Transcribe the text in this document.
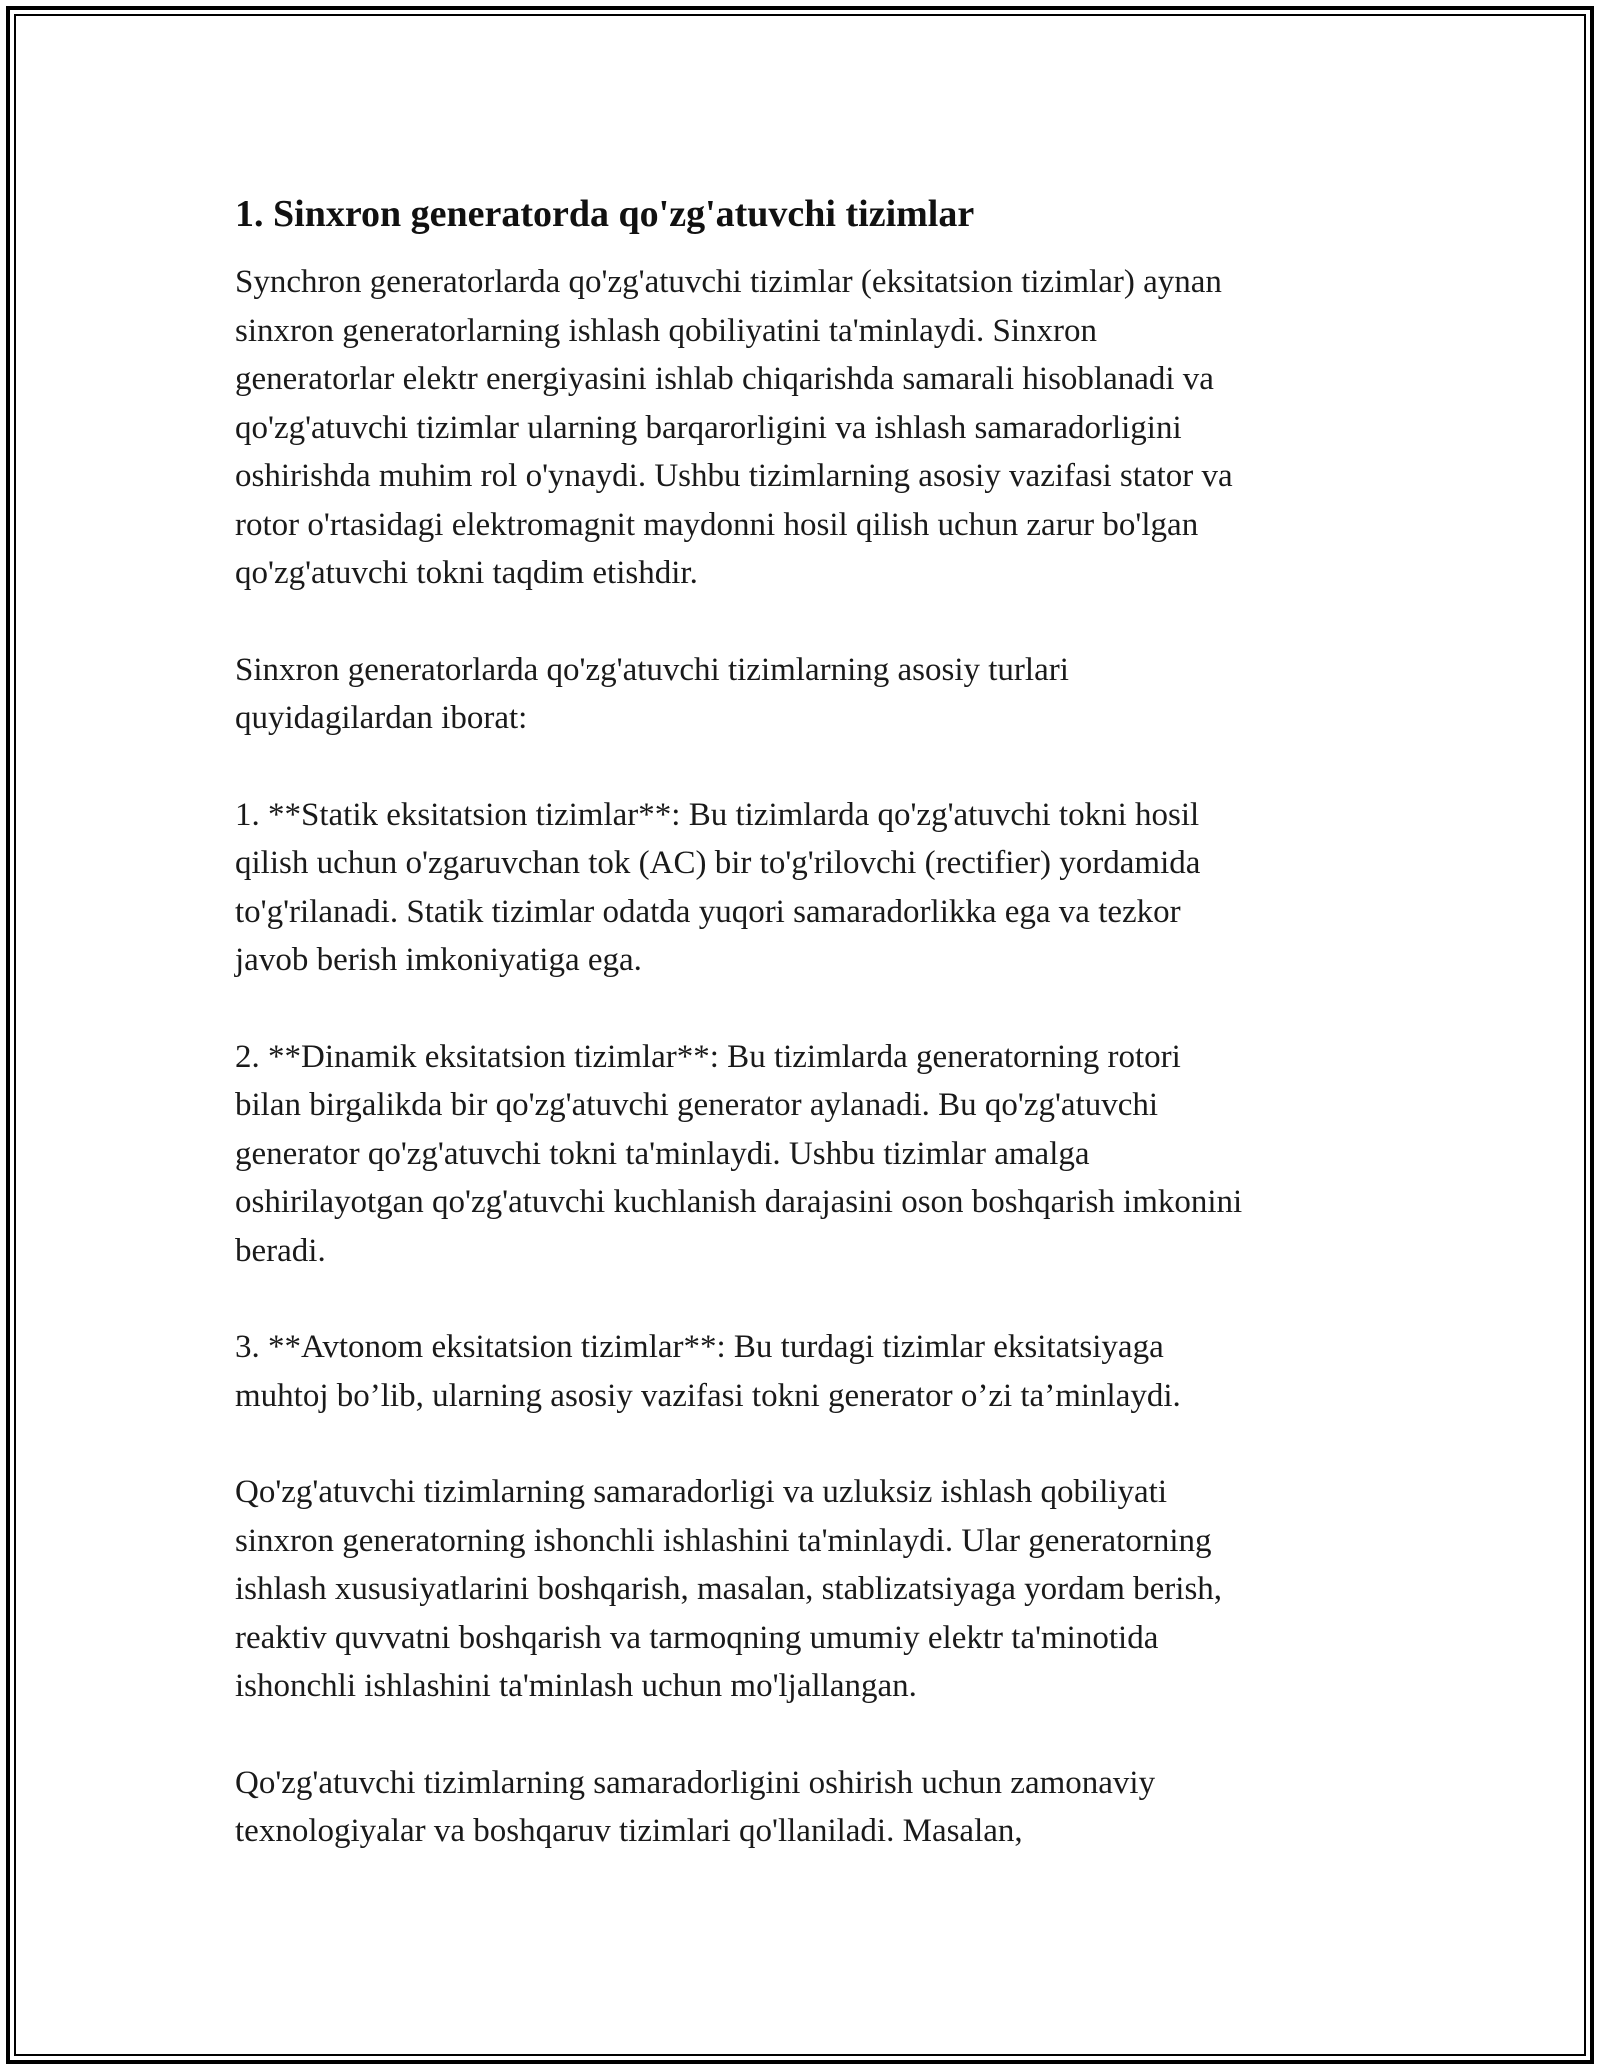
1. Sinxron generatorda qo'zg'atuvchi tizimlar

Synchron generatorlarda qo'zg'atuvchi tizimlar (eksitatsion tizimlar) aynan
sinxron generatorlarning ishlash qobiliyatini ta'minlaydi. Sinxron
generatorlar elektr energiyasini ishlab chiqarishda samarali hisoblanadi va
qo'zg'atuvchi tizimlar ularning barqarorligini va ishlash samaradorligini
oshirishda muhim rol o'ynaydi. Ushbu tizimlarning asosiy vazifasi stator va
rotor o'rtasidagi elektromagnit maydonni hosil qilish uchun zarur bo'lgan
qo'zg'atuvchi tokni taqdim etishdir.

Sinxron generatorlarda qo'zg'atuvchi tizimlarning asosiy turlari
quyidagilardan iborat:

1. **Statik eksitatsion tizimlar**: Bu tizimlarda qo'zg'atuvchi tokni hosil
qilish uchun o'zgaruvchan tok (AC) bir to'g'rilovchi (rectifier) yordamida
to'g'rilanadi. Statik tizimlar odatda yuqori samaradorlikka ega va tezkor
javob berish imkoniyatiga ega.

2. **Dinamik eksitatsion tizimlar**: Bu tizimlarda generatorning rotori
bilan birgalikda bir qo'zg'atuvchi generator aylanadi. Bu qo'zg'atuvchi
generator qo'zg'atuvchi tokni ta'minlaydi. Ushbu tizimlar amalga
oshirilayotgan qo'zg'atuvchi kuchlanish darajasini oson boshqarish imkonini
beradi.

3. **Avtonom eksitatsion tizimlar**: Bu turdagi tizimlar eksitatsiyaga
muhtoj bo’lib, ularning asosiy vazifasi tokni generator o’zi ta’minlaydi.

Qo'zg'atuvchi tizimlarning samaradorligi va uzluksiz ishlash qobiliyati
sinxron generatorning ishonchli ishlashini ta'minlaydi. Ular generatorning
ishlash xususiyatlarini boshqarish, masalan, stablizatsiyaga yordam berish,
reaktiv quvvatni boshqarish va tarmoqning umumiy elektr ta'minotida
ishonchli ishlashini ta'minlash uchun mo'ljallangan.

Qo'zg'atuvchi tizimlarning samaradorligini oshirish uchun zamonaviy
texnologiyalar va boshqaruv tizimlari qo'llaniladi. Masalan,
